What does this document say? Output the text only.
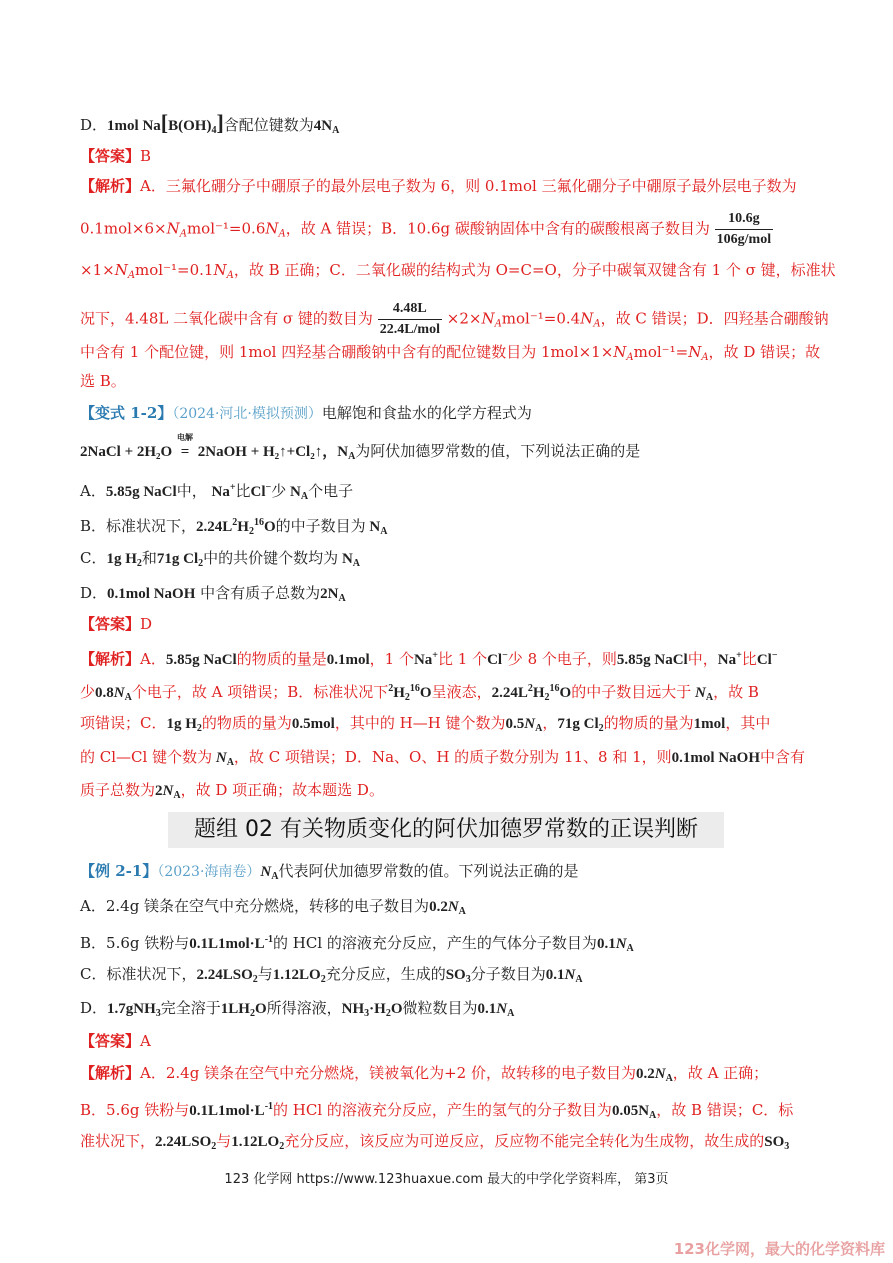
D．1mol $Na[B(OH)_4]$含配位键数为$4N_A$
【答案】B
【解析】A．三氟化硼分子中硼原子的最外层电子数为 6，则 0.1mol 三氟化硼分子中硼原子最外层电子数为
$0.1mol\times 6\times N_Amol^{-1}=0.6N_A$，故 A 错误；B．10.6g 碳酸钠固体中含有的碳酸根离子数目为 $\frac{10.6g}{\text{106g/mol}}$
$\times 1\times N_Amol^{-1}=0.1N_A$，故 B 正确；C．二氧化碳的结构式为 O=C=O，分子中碳氧双键含有 1 个 σ 键，标准状
况下，4.48L 二氧化碳中含有 σ 键的数目为 $\frac{4.48L}{\text{22.4L/mol}} \times 2\times N_Amol^{-1}=0.4N_A$，故 C 错误；D．四羟基合硼酸钠
中含有 1 个配位键，则 1mol 四羟基合硼酸钠中含有的配位键数目为 $1mol\times 1\times N_Amol^{-1}=N_A$，故 D 错误；故
选 B。
【变式 1-2】（2024·河北·模拟预测）电解饱和食盐水的化学方程式为
2NaCl + 2H₂O
电解
= 2NaOH + H₂↑+Cl₂↑，$N_A$为阿伏加德罗常数的值，下列说法正确的是
A．5.85g NaCl中， Na+比Cl−少 $N_A$个电子
B．标准状况下，$2.24L^2H_2^{16}O$的中子数目为 $N_A$
C．1g $H_2$和71g $Cl_2$中的共价键个数均为 $N_A$
D．0.1mol NaOH 中含有质子总数为$2N_A$
【答案】D
【解析】A．5.85g NaCl的物质的量是0.1mol，1 个Na+比 1 个Cl−少 8 个电子，则5.85g NaCl中，Na+比Cl−
少$0.8N_A$个电子，故 A 项错误；B．标准状况下$^2H_2^{16}O$呈液态，$2.24L^2H_2^{16}O$的中子数目远大于 $N_A$，故 B
项错误；C．1g $H_2$的物质的量为0.5mol，其中的 H—H 键个数为$0.5N_A$，71g $Cl_2$的物质的量为1mol，其中
的 Cl—Cl 键个数为 $N_A$，故 C 项错误；D．Na、O、H 的质子数分别为 11、8 和 1，则0.1mol NaOH中含有
质子总数为$2N_A$，故 D 项正确；故本题选 D。
题组 02 有关物质变化的阿伏加德罗常数的正误判断
【例 2-1】（2023·海南卷）$N_A$代表阿伏加德罗常数的值。下列说法正确的是
A．2.4g 镁条在空气中充分燃烧，转移的电子数目为$0.2N_A$
B．5.6g 铁粉与$0.1L1mol\cdot L^{-1}$的 HCl 的溶液充分反应，产生的气体分子数目为$0.1N_A$
C．标准状况下，$2.24LSO_2$与$1.12LO_2$充分反应，生成的$SO_3$分子数目为$0.1N_A$
D．1.7gNH$_3$完全溶于$1LH_2O$所得溶液，$NH_3\cdot H_2O$微粒数目为$0.1N_A$
【答案】A
【解析】A．2.4g 镁条在空气中充分燃烧，镁被氧化为+2 价，故转移的电子数目为$0.2N_A$，故 A 正确；
B．5.6g 铁粉与$0.1L1mol\cdot L^{-1}$的 HCl 的溶液充分反应，产生的氢气的分子数目为$0.05N_A$，故 B 错误；C．标
准状况下，$2.24LSO_2$与$1.12LO_2$充分反应，该反应为可逆反应，反应物不能完全转化为生成物，故生成的$SO_3$
123 化学网 https://www.123huaxue.com 最大的中学化学资料库， 第3页
123化学网，最大的化学资料库
